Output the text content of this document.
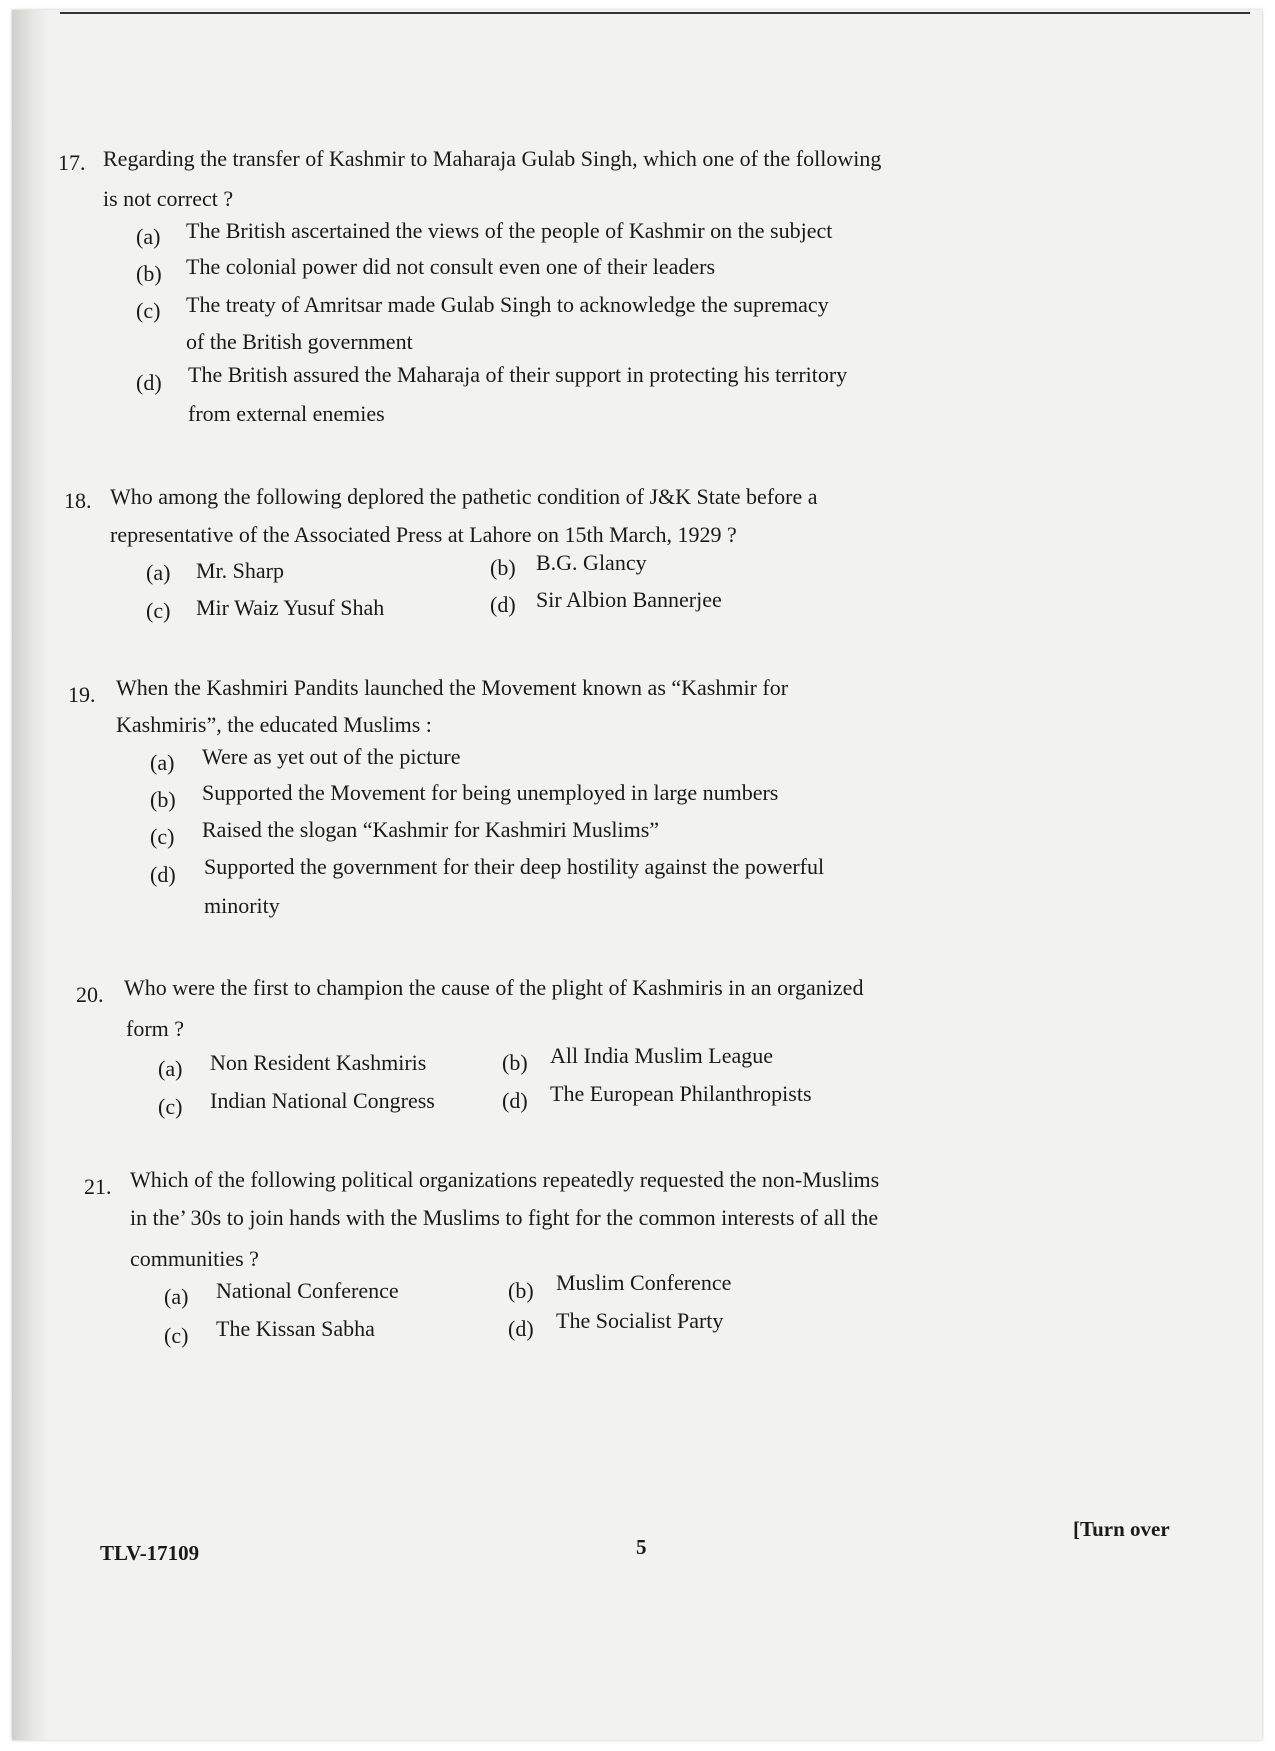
17. Regarding the transfer of Kashmir to Maharaja Gulab Singh, which one of the following
is not correct ?
(a) The British ascertained the views of the people of Kashmir on the subject
(b) The colonial power did not consult even one of their leaders
(c) The treaty of Amritsar made Gulab Singh to acknowledge the supremacy
of the British government
(d) The British assured the Maharaja of their support in protecting his territory
from external enemies
18. Who among the following deplored the pathetic condition of J&K State before a
representative of the Associated Press at Lahore on 15th March, 1929 ?
(a) Mr. Sharp	(b) B.G. Glancy
(c) Mir Waiz Yusuf Shah	(d) Sir Albion Bannerjee
19. When the Kashmiri Pandits launched the Movement known as “Kashmir for
Kashmiris”, the educated Muslims :
(a) Were as yet out of the picture
(b) Supported the Movement for being unemployed in large numbers
(c) Raised the slogan “Kashmir for Kashmiri Muslims”
(d) Supported the government for their deep hostility against the powerful
minority
20. Who were the first to champion the cause of the plight of Kashmiris in an organized
form ?
(a) Non Resident Kashmiris	(b) All India Muslim League
(c) Indian National Congress	(d) The European Philanthropists
21. Which of the following political organizations repeatedly requested the non-Muslims
in the’ 30s to join hands with the Muslims to fight for the common interests of all the
communities ?
(a) National Conference	(b) Muslim Conference
(c) The Kissan Sabha	(d) The Socialist Party
TLV-17109	5
[Turn over
